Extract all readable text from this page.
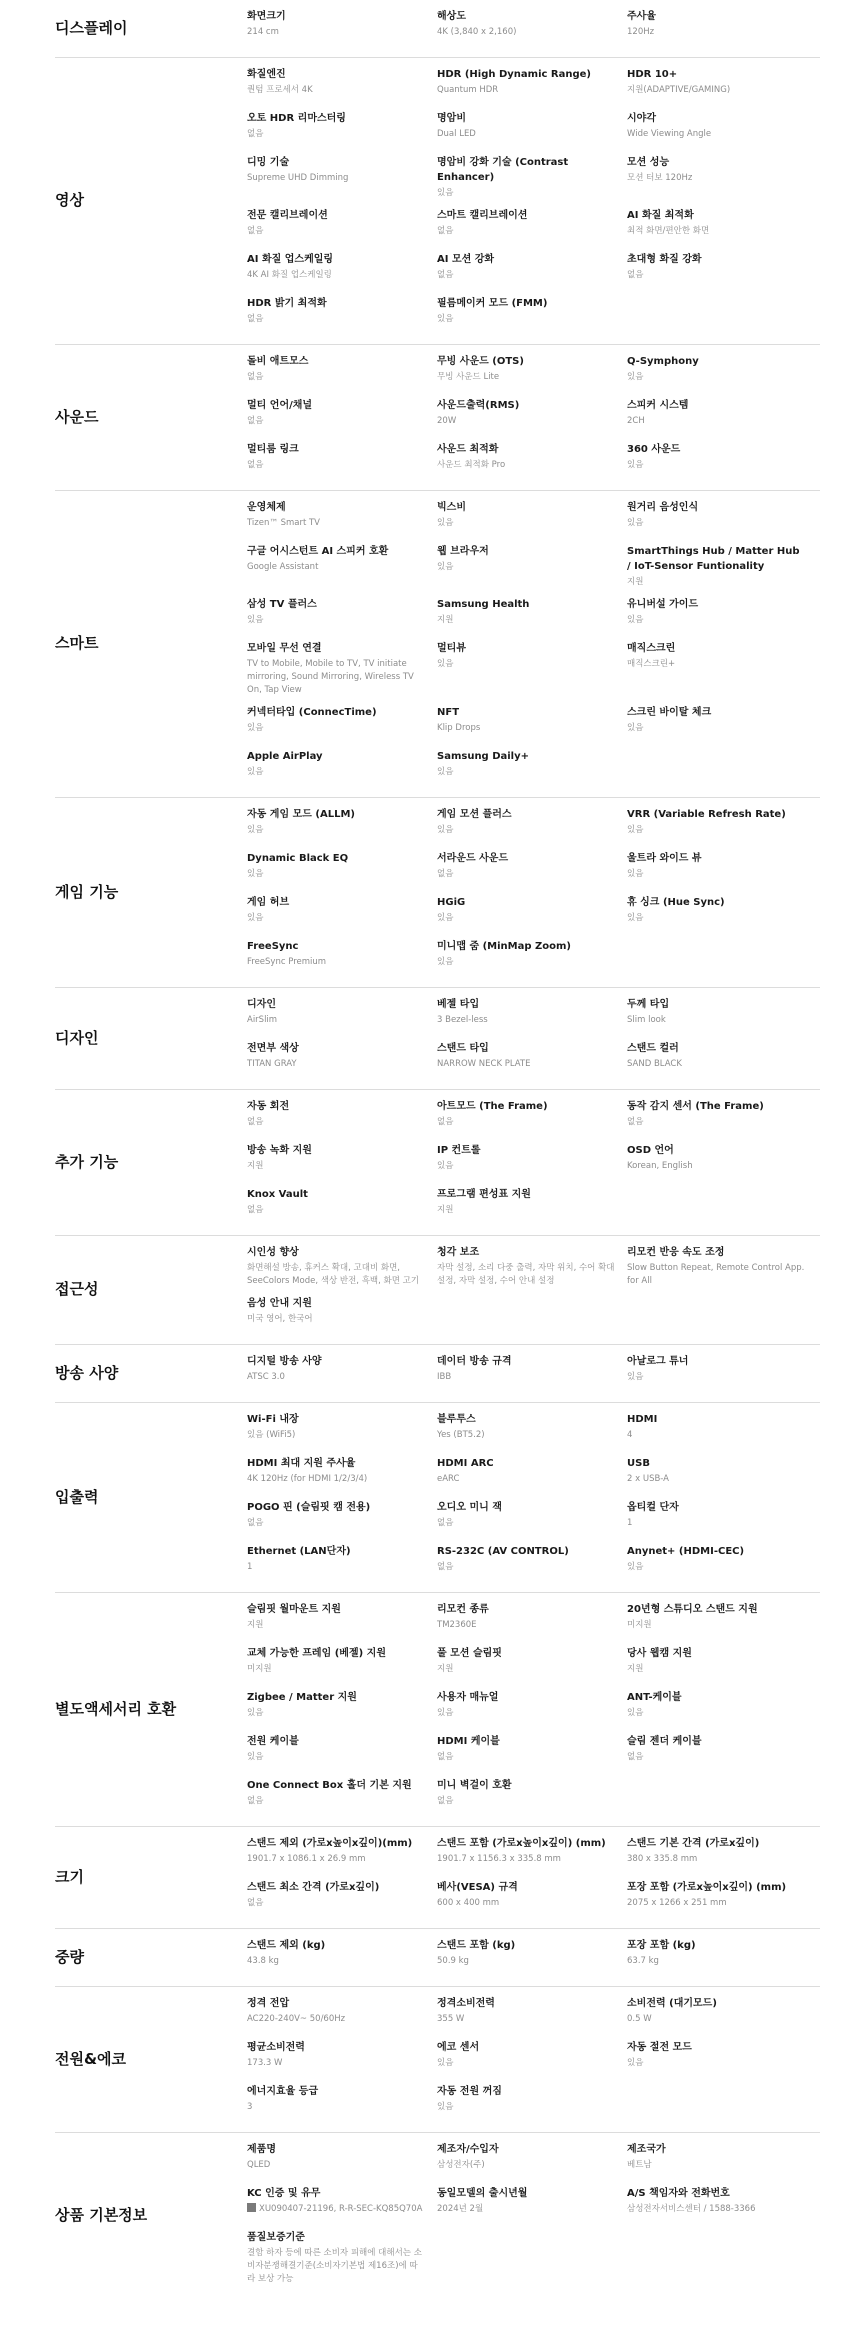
디스플레이
화면크기
214 cm
해상도
4K (3,840 x 2,160)
주사율
120Hz
영상
화질엔진
퀀텀 프로세서 4K
HDR (High Dynamic Range)
Quantum HDR
HDR 10+
지원(ADAPTIVE/GAMING)
오토 HDR 리마스터링
없음
명암비
Dual LED
시야각
Wide Viewing Angle
디밍 기술
Supreme UHD Dimming
명암비 강화 기술 (Contrast Enhancer)
있음
모션 성능
모션 터보 120Hz
전문 캘리브레이션
없음
스마트 캘리브레이션
없음
AI 화질 최적화
최적 화면/편안한 화면
AI 화질 업스케일링
4K AI 화질 업스케일링
AI 모션 강화
없음
초대형 화질 강화
없음
HDR 밝기 최적화
없음
필름메이커 모드 (FMM)
있음
사운드
돌비 애트모스
없음
무빙 사운드 (OTS)
무빙 사운드 Lite
Q-Symphony
있음
멀티 언어/채널
없음
사운드출력(RMS)
20W
스피커 시스템
2CH
멀티룸 링크
없음
사운드 최적화
사운드 최적화 Pro
360 사운드
있음
스마트
운영체제
Tizen™ Smart TV
빅스비
있음
원거리 음성인식
있음
구글 어시스턴트 AI 스피커 호환
Google Assistant
웹 브라우저
있음
SmartThings Hub / Matter Hub / IoT-Sensor Funtionality
지원
삼성 TV 플러스
있음
Samsung Health
지원
유니버설 가이드
있음
모바일 무선 연결
TV to Mobile, Mobile to TV, TV initiate mirroring, Sound Mirroring, Wireless TV On, Tap View
멀티뷰
있음
매직스크린
매직스크린+
커넥터타입 (ConnecTime)
있음
NFT
Klip Drops
스크린 바이탈 체크
있음
Apple AirPlay
있음
Samsung Daily+
있음
게임 기능
자동 게임 모드 (ALLM)
있음
게임 모션 플러스
있음
VRR (Variable Refresh Rate)
있음
Dynamic Black EQ
있음
서라운드 사운드
없음
울트라 와이드 뷰
있음
게임 허브
있음
HGiG
있음
휴 싱크 (Hue Sync)
있음
FreeSync
FreeSync Premium
미니맵 줌 (MinMap Zoom)
있음
디자인
디자인
AirSlim
베젤 타입
3 Bezel-less
두께 타입
Slim look
전면부 색상
TITAN GRAY
스탠드 타입
NARROW NECK PLATE
스탠드 컬러
SAND BLACK
추가 기능
자동 회전
없음
아트모드 (The Frame)
없음
동작 감지 센서 (The Frame)
없음
방송 녹화 지원
지원
IP 컨트롤
있음
OSD 언어
Korean, English
Knox Vault
없음
프로그램 편성표 지원
지원
접근성
시인성 향상
화면해설 방송, 휴커스 확대, 고대비 화면, SeeColors Mode, 색상 반전, 흑백, 화면 고기
청각 보조
자막 설정, 소리 다중 출력, 자막 위치, 수어 확대 설정, 자막 설정, 수어 안내 설정
리모컨 반응 속도 조정
Slow Button Repeat, Remote Control App. for All
음성 안내 지원
미국 영어, 한국어
방송 사양
디지털 방송 사양
ATSC 3.0
데이터 방송 규격
IBB
아날로그 튜너
있음
입출력
Wi-Fi 내장
있음 (WiFi5)
블루투스
Yes (BT5.2)
HDMI
4
HDMI 최대 지원 주사율
4K 120Hz (for HDMI 1/2/3/4)
HDMI ARC
eARC
USB
2 x USB-A
POGO 핀 (슬림핏 캠 전용)
없음
오디오 미니 잭
없음
옵티컬 단자
1
Ethernet (LAN단자)
1
RS-232C (AV CONTROL)
없음
Anynet+ (HDMI-CEC)
있음
별도액세서리 호환
슬림핏 월마운트 지원
지원
리모컨 종류
TM2360E
20년형 스튜디오 스탠드 지원
미지원
교체 가능한 프레임 (베젤) 지원
미지원
풀 모션 슬림핏
지원
당사 웹캠 지원
지원
Zigbee / Matter 지원
있음
사용자 매뉴얼
있음
ANT-케이블
있음
전원 케이블
있음
HDMI 케이블
없음
슬림 젠더 케이블
없음
One Connect Box 홀더 기본 지원
없음
미니 벽걸이 호환
없음
크기
스탠드 제외 (가로x높이x깊이)(mm)
1901.7 x 1086.1 x 26.9 mm
스탠드 포함 (가로x높이x깊이) (mm)
1901.7 x 1156.3 x 335.8 mm
스탠드 기본 간격 (가로x깊이)
380 x 335.8 mm
스탠드 최소 간격 (가로x깊이)
없음
베사(VESA) 규격
600 x 400 mm
포장 포함 (가로x높이x깊이) (mm)
2075 x 1266 x 251 mm
중량
스탠드 제외 (kg)
43.8 kg
스탠드 포함 (kg)
50.9 kg
포장 포함 (kg)
63.7 kg
전원&에코
정격 전압
AC220-240V~ 50/60Hz
정격소비전력
355 W
소비전력 (대기모드)
0.5 W
평균소비전력
173.3 W
에코 센서
있음
자동 절전 모드
있음
에너지효율 등급
3
자동 전원 꺼짐
있음
상품 기본정보
제품명
QLED
제조자/수입자
삼성전자(주)
제조국가
베트남
KC 인증 및 유무
XU090407-21196, R-R-SEC-KQ85Q70A
동일모델의 출시년월
2024년 2월
A/S 책임자와 전화번호
삼성전자서비스센터 / 1588-3366
품질보증기준
결함 하자 등에 따른 소비자 피해에 대해서는 소비자분쟁해결기준(소비자기본법 제16조)에 따라 보상 가능
